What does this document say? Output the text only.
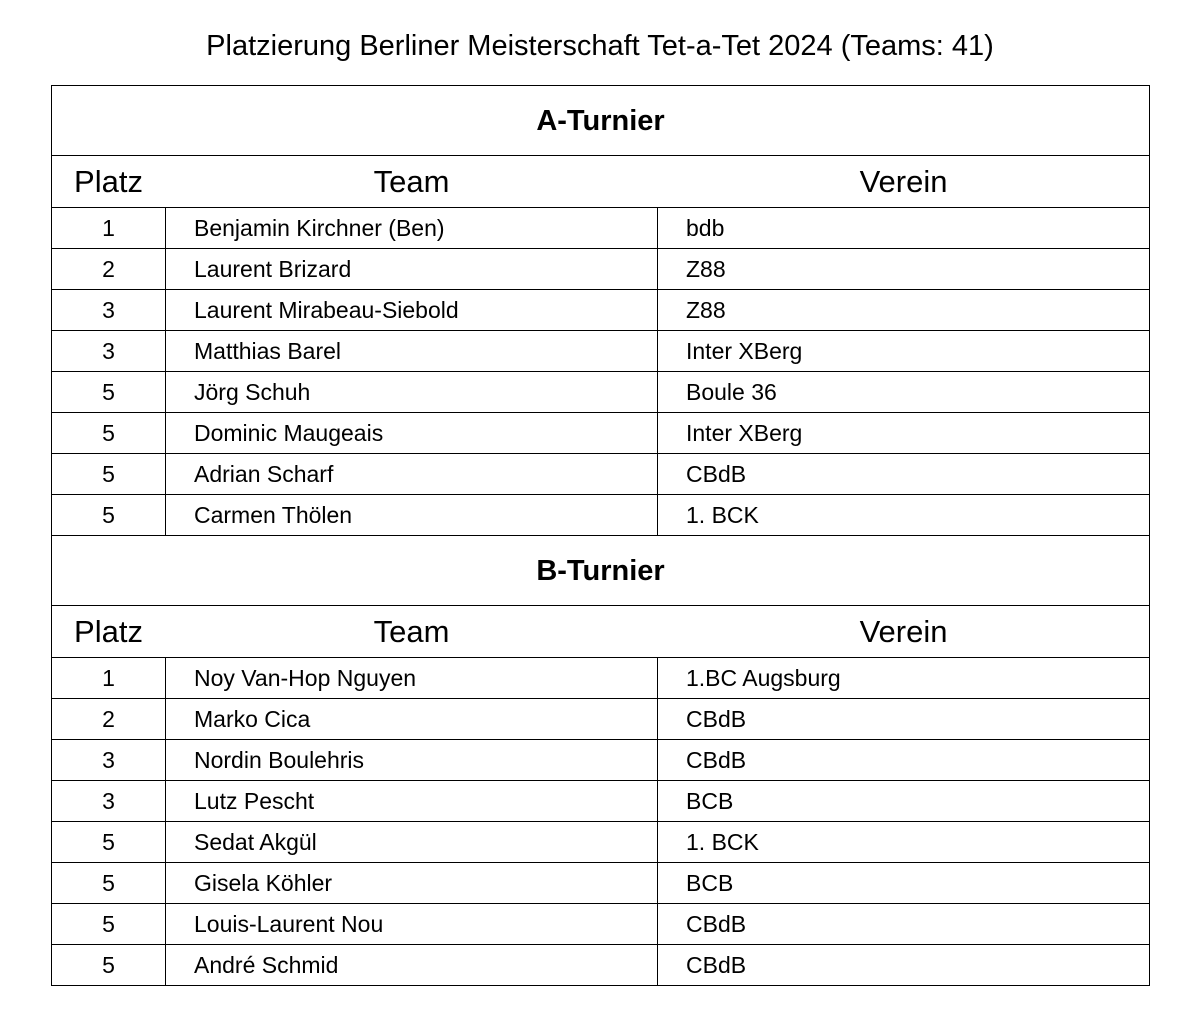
Platzierung Berliner Meisterschaft Tet-a-Tet 2024 (Teams: 41)
A-Turnier		
Platz	Team	Verein
1	Benjamin Kirchner (Ben)	bdb
2	Laurent Brizard	Z88
3	Laurent Mirabeau-Siebold	Z88
3	Matthias Barel	Inter XBerg
5	Jörg Schuh	Boule 36
5	Dominic Maugeais	Inter XBerg
5	Adrian Scharf	CBdB
5	Carmen Thölen	1. BCK
B-Turnier		
Platz	Team	Verein
1	Noy Van-Hop Nguyen	1.BC Augsburg
2	Marko Cica	CBdB
3	Nordin Boulehris	CBdB
3	Lutz Pescht	BCB
5	Sedat Akgül	1. BCK
5	Gisela Köhler	BCB
5	Louis-Laurent Nou	CBdB
5	André Schmid	CBdB
